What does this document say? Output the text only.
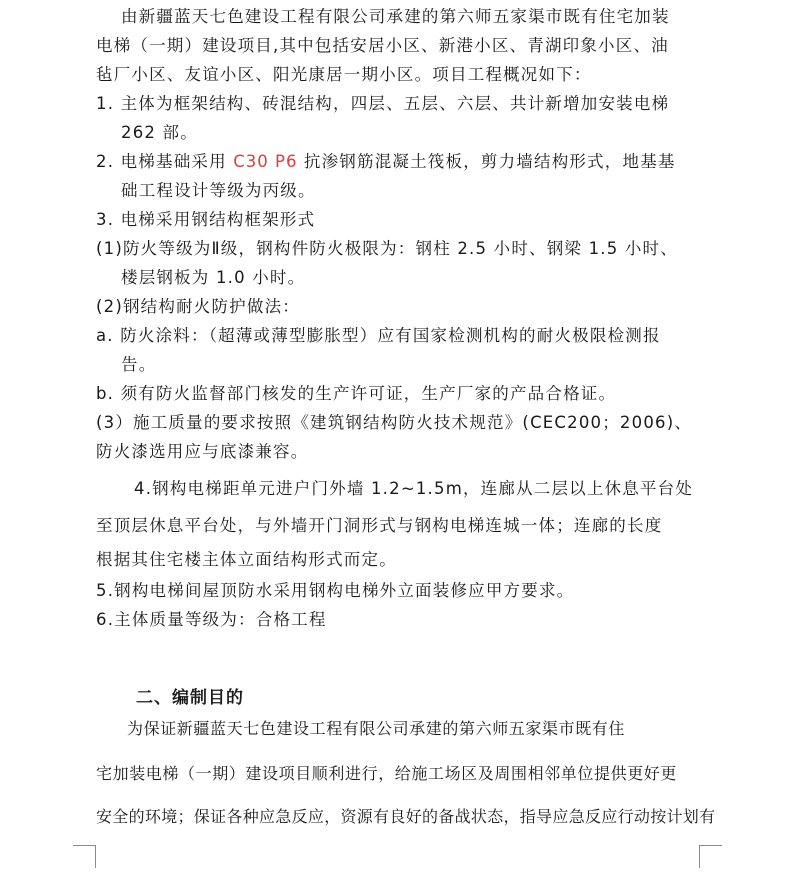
由新疆蓝天七色建设工程有限公司承建的第六师五家渠市既有住宅加装
电梯（一期）建设项目,其中包括安居小区、新港小区、青湖印象小区、油
毡厂小区、友谊小区、阳光康居一期小区。项目工程概况如下：
1. 主体为框架结构、砖混结构，四层、五层、六层、共计新增加安装电梯
262 部。
2. 电梯基础采用 C30 P6 抗渗钢筋混凝土筏板，剪力墙结构形式，地基基
础工程设计等级为丙级。
3. 电梯采用钢结构框架形式
(1)防火等级为Ⅱ级，钢构件防火极限为：钢柱 2.5 小时、钢梁 1.5 小时、
楼层钢板为 1.0 小时。
(2)钢结构耐火防护做法：
a. 防火涂料：（超薄或薄型膨胀型）应有国家检测机构的耐火极限检测报
告。
b. 须有防火监督部门核发的生产许可证，生产厂家的产品合格证。
(3）施工质量的要求按照《建筑钢结构防火技术规范》(CEC200；2006)、
防火漆选用应与底漆兼容。
4.钢构电梯距单元进户门外墙 1.2~1.5m，连廊从二层以上休息平台处
至顶层休息平台处，与外墙开门洞形式与钢构电梯连城一体；连廊的长度
根据其住宅楼主体立面结构形式而定。
5.钢构电梯间屋顶防水采用钢构电梯外立面装修应甲方要求。
6.主体质量等级为：合格工程
二、编制目的
为保证新疆蓝天七色建设工程有限公司承建的第六师五家渠市既有住
宅加装电梯（一期）建设项目顺利进行，给施工场区及周围相邻单位提供更好更
安全的环境；保证各种应急反应，资源有良好的备战状态，指导应急反应行动按计划有
